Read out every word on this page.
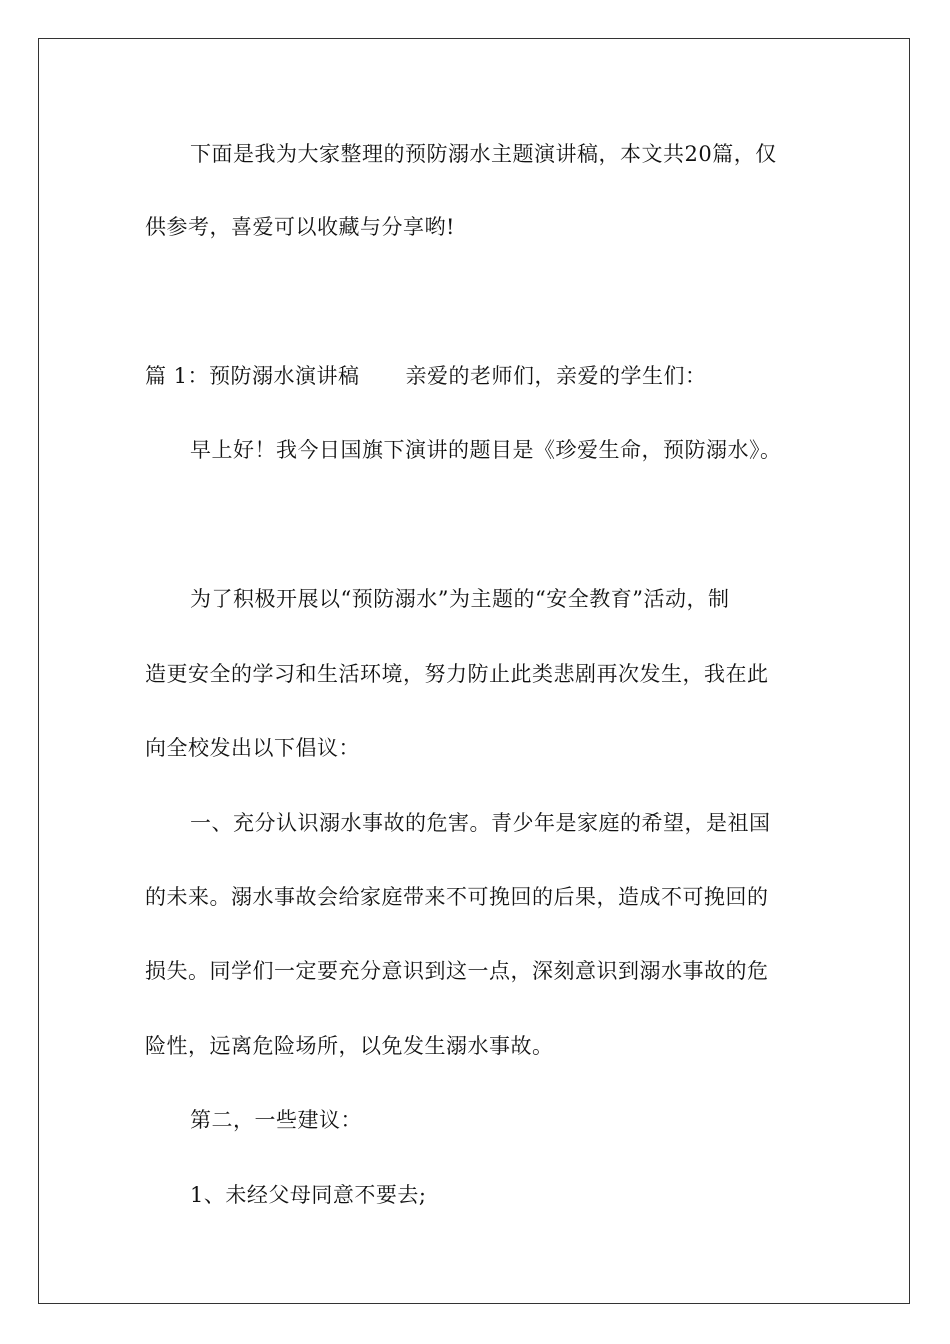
下面是我为大家整理的预防溺水主题演讲稿，本文共20篇，仅
供参考，喜爱可以收藏与分享哟!
篇 1：预防溺水演讲稿 亲爱的老师们，亲爱的学生们：
早上好！我今日国旗下演讲的题目是《珍爱生命，预防溺水》。
为了积极开展以“预防溺水”为主题的“安全教育”活动，制
造更安全的学习和生活环境，努力防止此类悲剧再次发生，我在此
向全校发出以下倡议：
一、充分认识溺水事故的危害。青少年是家庭的希望，是祖国
的未来。溺水事故会给家庭带来不可挽回的后果，造成不可挽回的
损失。同学们一定要充分意识到这一点，深刻意识到溺水事故的危
险性，远离危险场所，以免发生溺水事故。
第二，一些建议：
1、未经父母同意不要去;
